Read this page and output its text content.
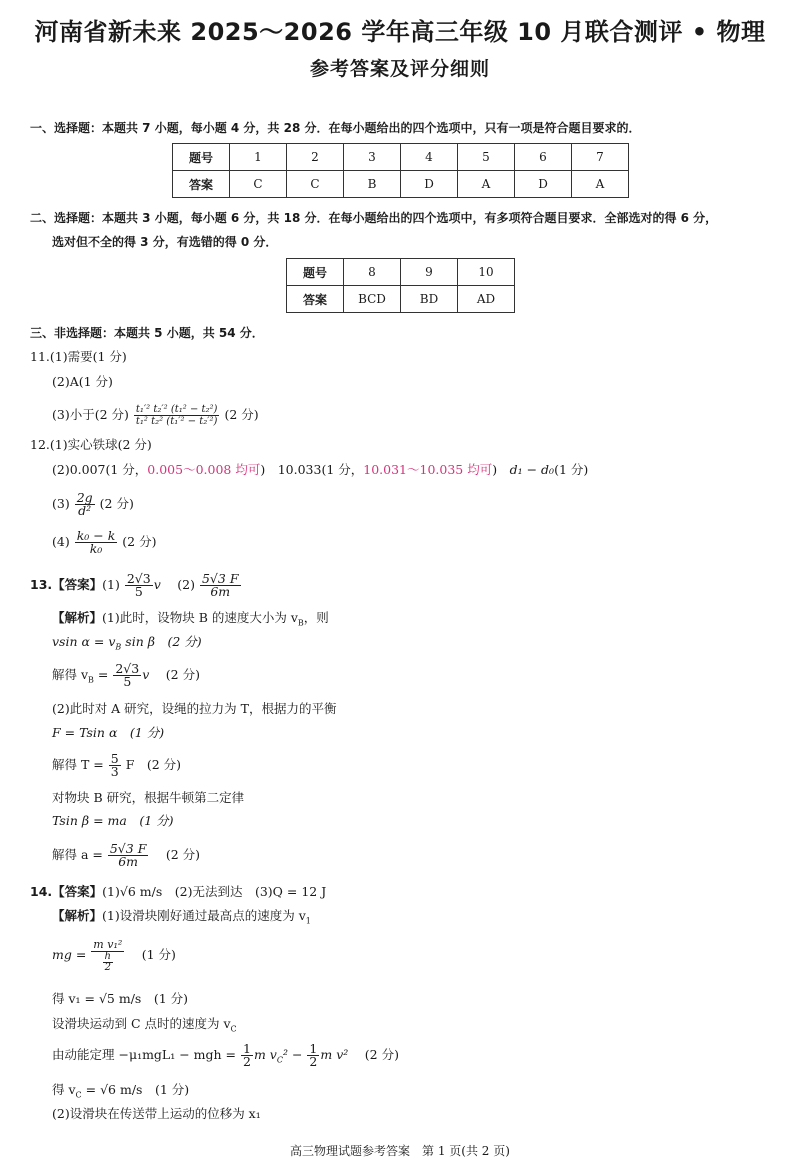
河南省新未来 2025～2026 学年高三年级 10 月联合测评 • 物理
参考答案及评分细则
一、选择题：本题共 7 小题，每小题 4 分，共 28 分．在每小题给出的四个选项中，只有一项是符合题目要求的．
题号	1	2	3	4	5	6	7
答案	C	C	B	D	A	D	A
二、选择题：本题共 3 小题，每小题 6 分，共 18 分．在每小题给出的四个选项中，有多项符合题目要求．全部选对的得 6 分，
选对但不全的得 3 分，有选错的得 0 分．
题号	8	9	10
答案	BCD	BD	AD
三、非选择题：本题共 5 小题，共 54 分．
11.(1)需要(1 分)
(2)A(1 分)
(3)小于(2 分) $\frac{\text{t₁′² t₂′² (t₁² − t₂²)}}{\text{t₁² t₂² (t₁′² − t₂′²)}} (2$ 分)
12.(1)实心铁球(2 分)
(2)0.007(1 分，0.005～0.008 均可)　10.033(1 分，10.031～10.035 均可)　d₁ − d₀(1 分)
$(3) \frac{2g}{\text{d²}} (2$ 分)
$(4) \frac{\text{k₀ − k}}{\text{k₀}} (2$ 分)
13.【答案】$(1) \frac{2√3}{5}$ v　 $(2) \frac{5√3 F}{6m}$
【解析】(1)此时，设物块 B 的速度大小为 $v_B$，则
vsin $\alpha = v_B$ sin β　(2 分)
解得 $v_B = \frac{2√3}{5}$ v　 (2 分)
(2)此时对 A 研究，设绳的拉力为 T，根据力的平衡
F = Tsin α　(1 分)
解得 $T = \frac{5}{3}$ F　(2 分)
对物块 B 研究，根据牛顿第二定律
Tsin β = ma　(1 分)
解得 $a = \frac{5√3 F}{6m}$
　 (2 分)
14.【答案】(1)√6 m/s　(2)无法到达　(3)Q = 12 J
【解析】(1)设滑块刚好通过最高点的速度为 $v_1$
mg = $\frac{\text{m v₁²}}{\frac{h}{2}}$
　 (1 分)
得 v₁ = √5 m/s　(1 分)
设滑块运动到 C 点时的速度为 $v_C$
由动能定理 −μ₁mgL₁ − mgh = $\frac{1}{2}$ m $v_C^2 - \frac{1}{2}$ m v²　 (2 分)
得 $v_C = √6$ m/s　(1 分)
(2)设滑块在传送带上运动的位移为 x₁
高三物理试题参考答案　第 1 页(共 2 页)
